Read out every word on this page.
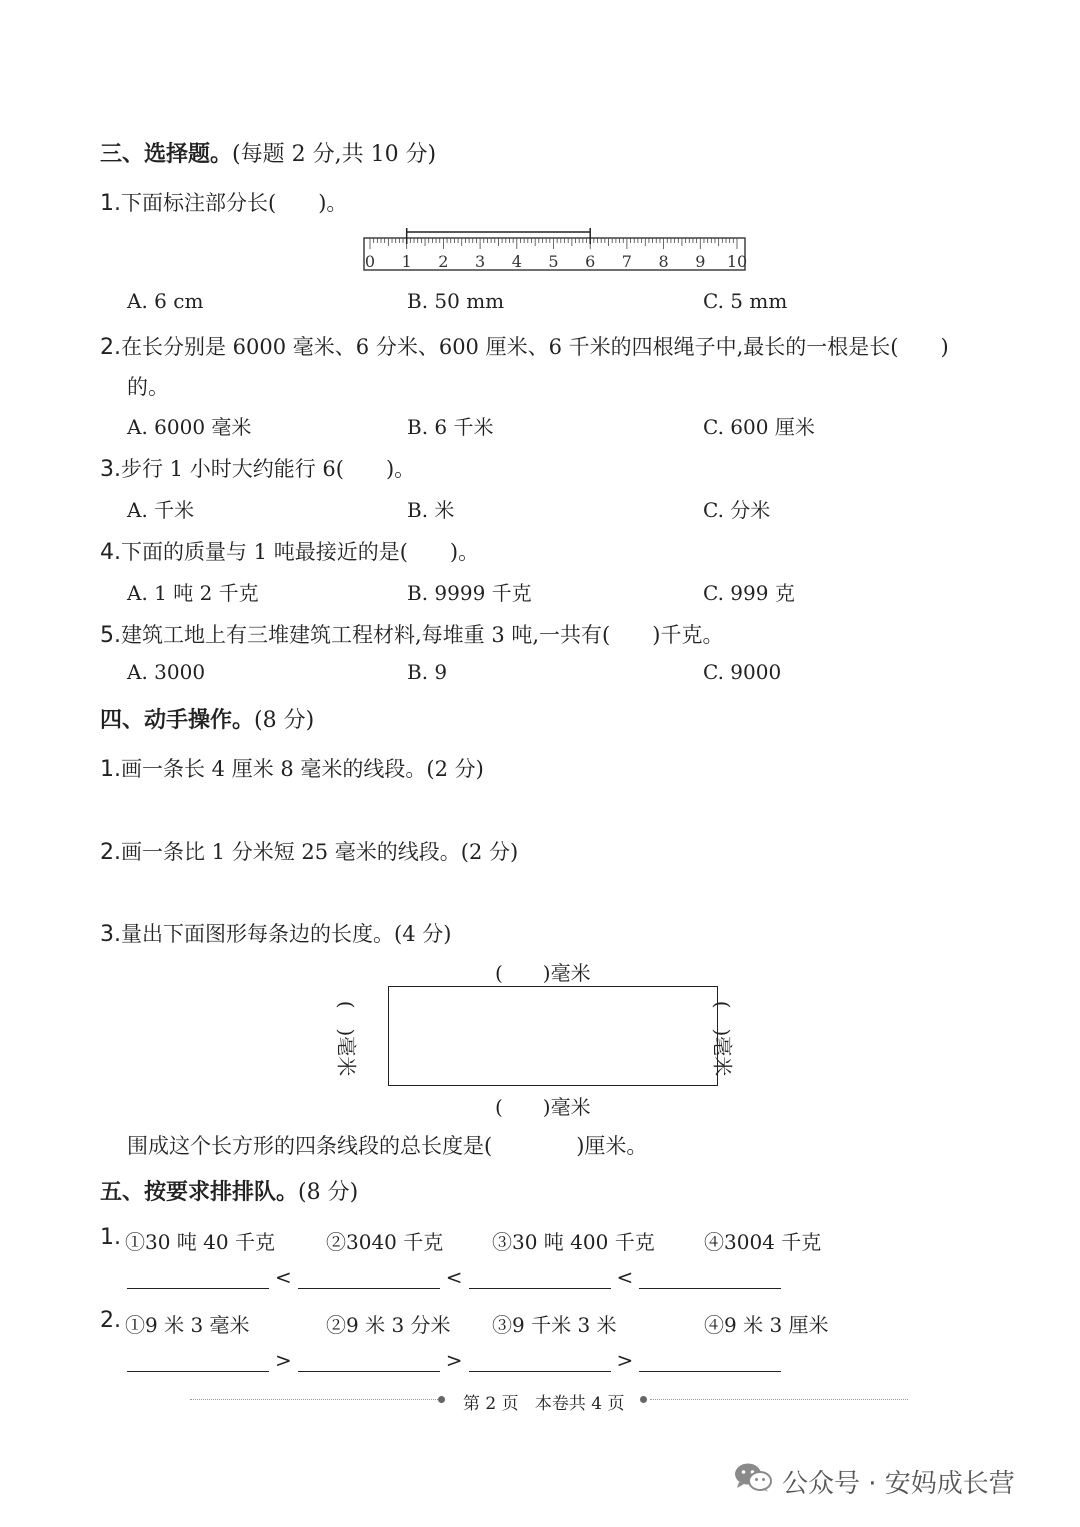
三、选择题。(每题 2 分,共 10 分)
1.下面标注部分长(　　)。
0 1 2 3 4 5 6 7 8 9 10
A. 6 cm	B. 50 mm	C. 5 mm
2.在长分别是 6000 毫米、6 分米、600 厘米、6 千米的四根绳子中,最长的一根是长(　　)
的。
A. 6000 毫米	B. 6 千米	C. 600 厘米
3.步行 1 小时大约能行 6(　　)。
A. 千米	B. 米	C. 分米
4.下面的质量与 1 吨最接近的是(　　)。
A. 1 吨 2 千克	B. 9999 千克	C. 999 克
5.建筑工地上有三堆建筑工程材料,每堆重 3 吨,一共有(　　)千克。
A. 3000	B. 9	C. 9000
四、动手操作。(8 分)
1.画一条长 4 厘米 8 毫米的线段。(2 分)
2.画一条比 1 分米短 25 毫米的线段。(2 分)
3.量出下面图形每条边的长度。(4 分)
(　　)毫米
(　　)毫米
(　)毫米	(　)毫米
围成这个长方形的四条线段的总长度是(　　　　)厘米。
五、按要求排排队。(8 分)
1. ①30 吨 40 千克	②3040 千克 ③30 吨 400 千克 ④3004 千克
<	<	<
2. ①9 米 3 毫米	②9 米 3 分米 ③9 千米 3 米	④9 米 3 厘米
>	>	>
第 2 页 本卷共 4 页
公众号 · 安妈成长营
